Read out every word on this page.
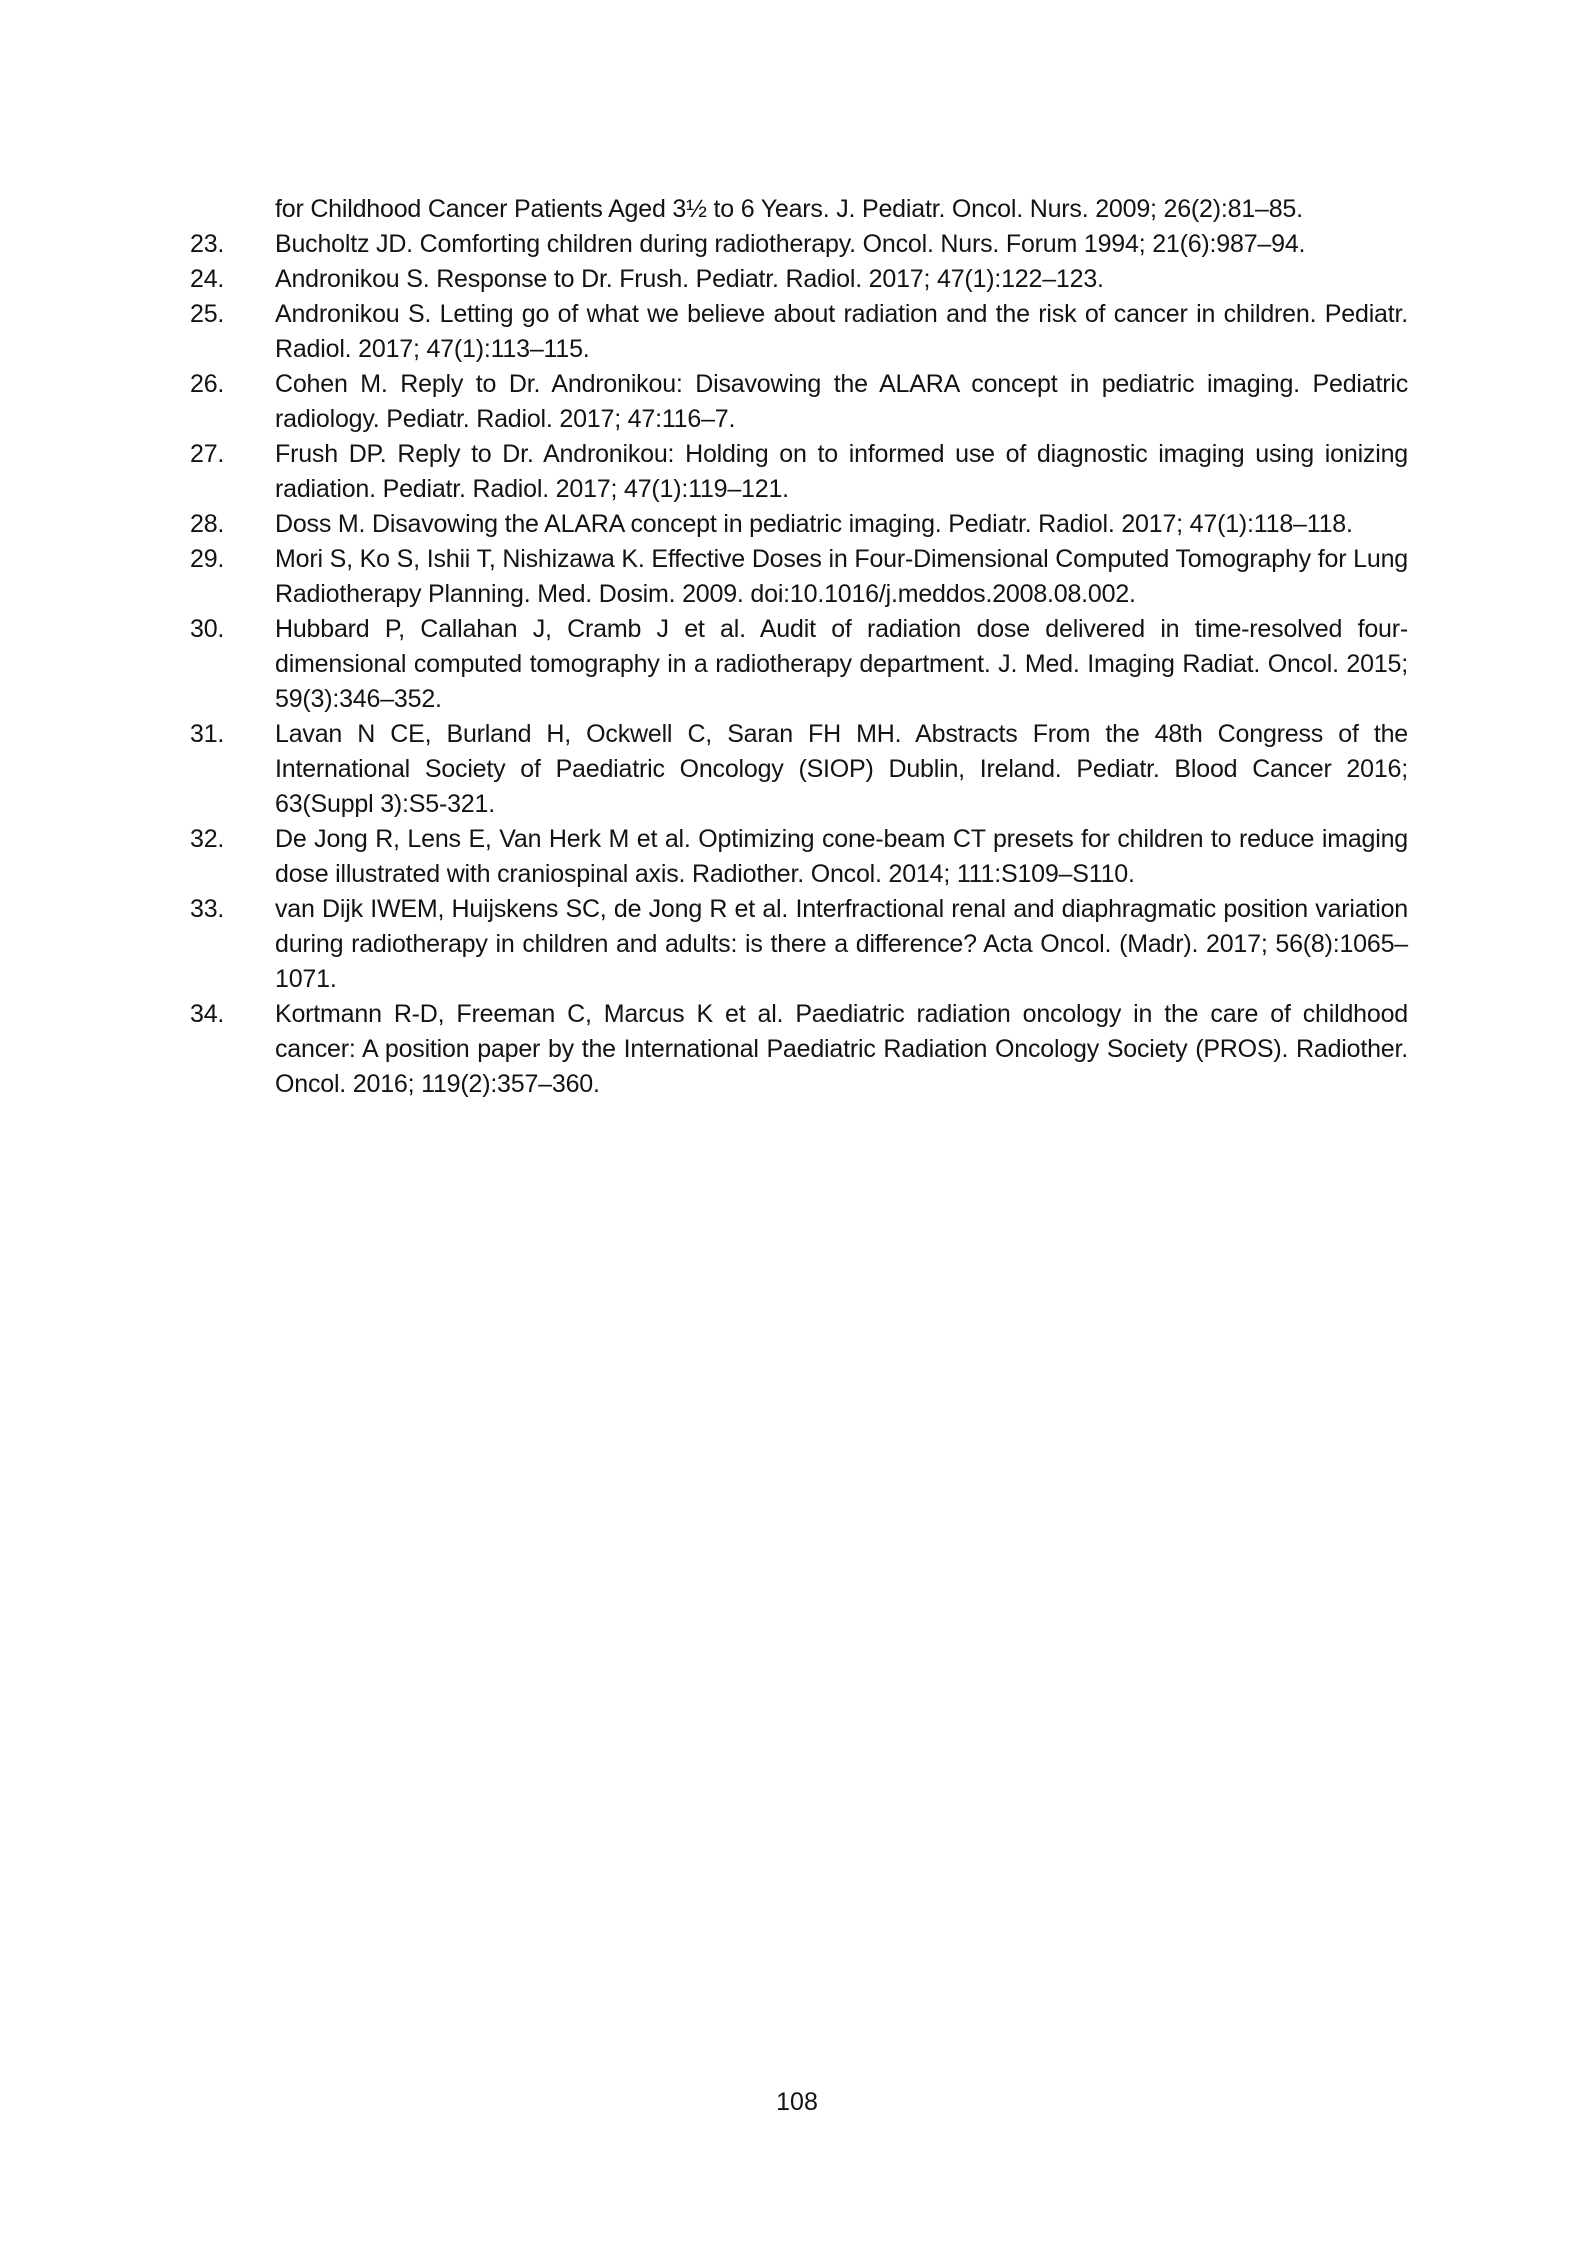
for Childhood Cancer Patients Aged 3½ to 6 Years. J. Pediatr. Oncol. Nurs. 2009; 26(2):81–85.
23.	Bucholtz JD. Comforting children during radiotherapy. Oncol. Nurs. Forum 1994; 21(6):987–94.
24.	Andronikou S. Response to Dr. Frush. Pediatr. Radiol. 2017; 47(1):122–123.
25.	Andronikou S. Letting go of what we believe about radiation and the risk of cancer in children. Pediatr. Radiol. 2017; 47(1):113–115.
26.	Cohen M. Reply to Dr. Andronikou: Disavowing the ALARA concept in pediatric imaging. Pediatric radiology. Pediatr. Radiol. 2017; 47:116–7.
27.	Frush DP. Reply to Dr. Andronikou: Holding on to informed use of diagnostic imaging using ionizing radiation. Pediatr. Radiol. 2017; 47(1):119–121.
28.	Doss M. Disavowing the ALARA concept in pediatric imaging. Pediatr. Radiol. 2017; 47(1):118–118.
29.	Mori S, Ko S, Ishii T, Nishizawa K. Effective Doses in Four-Dimensional Computed Tomography for Lung Radiotherapy Planning. Med. Dosim. 2009. doi:10.1016/j.meddos.2008.08.002.
30.	Hubbard P, Callahan J, Cramb J et al. Audit of radiation dose delivered in time-resolved four-dimensional computed tomography in a radiotherapy department. J. Med. Imaging Radiat. Oncol. 2015; 59(3):346–352.
31.	Lavan N CE, Burland H, Ockwell C, Saran FH MH. Abstracts From the 48th Congress of the International Society of Paediatric Oncology (SIOP) Dublin, Ireland. Pediatr. Blood Cancer 2016; 63(Suppl 3):S5-321.
32.	De Jong R, Lens E, Van Herk M et al. Optimizing cone-beam CT presets for children to reduce imaging dose illustrated with craniospinal axis. Radiother. Oncol. 2014; 111:S109–S110.
33.	van Dijk IWEM, Huijskens SC, de Jong R et al. Interfractional renal and diaphragmatic position variation during radiotherapy in children and adults: is there a difference? Acta Oncol. (Madr). 2017; 56(8):1065–1071.
34.	Kortmann R-D, Freeman C, Marcus K et al. Paediatric radiation oncology in the care of childhood cancer: A position paper by the International Paediatric Radiation Oncology Society (PROS). Radiother. Oncol. 2016; 119(2):357–360.
108
